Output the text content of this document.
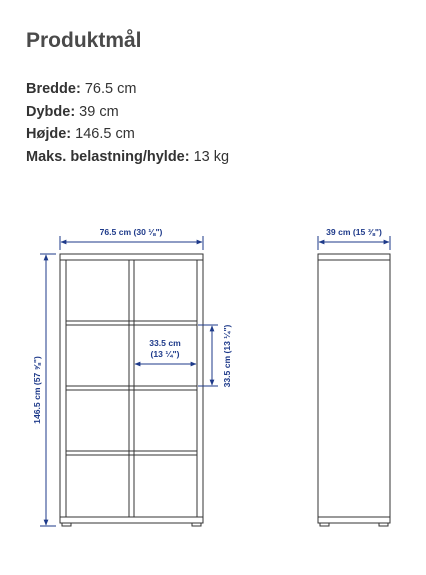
Produktmål
Bredde: 76.5 cm
Dybde: 39 cm
Højde: 146.5 cm
Maks. belastning/hylde: 13 kg
76.5 cm (30 ⅛")	39 cm (15 ⅜")
146.5 cm (57 ⅝")
33.5 cm
(13 ¼")	33.5 cm (13 ¼")
